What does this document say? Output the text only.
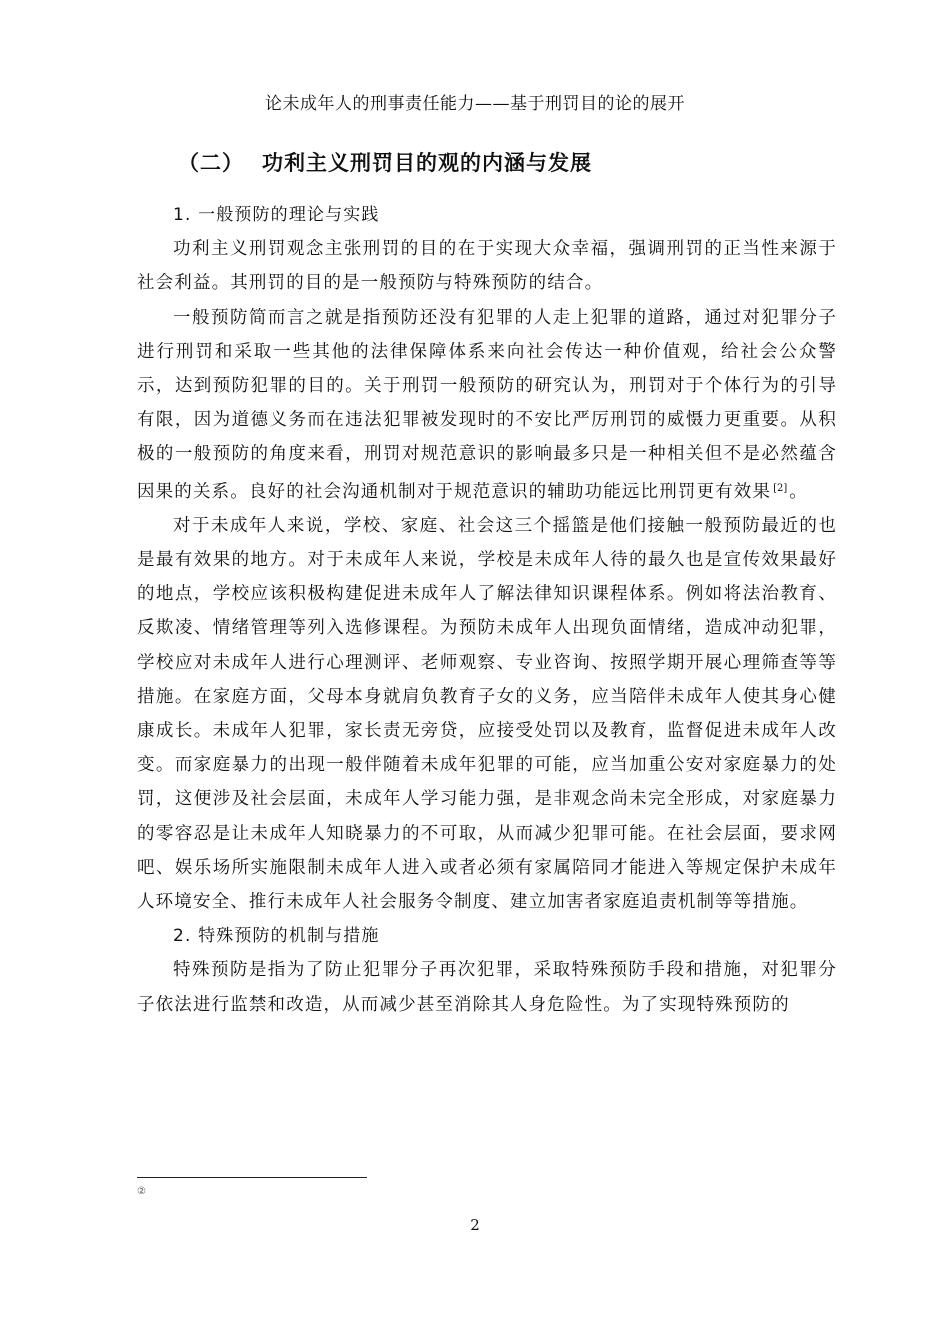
论未成年人的刑事责任能力——基于刑罚目的论的展开
（二） 功利主义刑罚目的观的内涵与发展
1. 一般预防的理论与实践

功利主义刑罚观念主张刑罚的目的在于实现大众幸福，强调刑罚的正当性来源于社会利益。其刑罚的目的是一般预防与特殊预防的结合。

一般预防简而言之就是指预防还没有犯罪的人走上犯罪的道路，通过对犯罪分子进行刑罚和采取一些其他的法律保障体系来向社会传达一种价值观，给社会公众警示，达到预防犯罪的目的。关于刑罚一般预防的研究认为，刑罚对于个体行为的引导有限，因为道德义务而在违法犯罪被发现时的不安比严厉刑罚的威慑力更重要。从积极的一般预防的角度来看，刑罚对规范意识的影响最多只是一种相关但不是必然蕴含因果的关系。良好的社会沟通机制对于规范意识的辅助功能远比刑罚更有效果 [2] 。

对于未成年人来说，学校、家庭、社会这三个摇篮是他们接触一般预防最近的也是最有效果的地方。对于未成年人来说，学校是未成年人待的最久也是宣传效果最好的地点，学校应该积极构建促进未成年人了解法律知识课程体系。例如将法治教育、反欺凌、情绪管理等列入选修课程。为预防未成年人出现负面情绪，造成冲动犯罪，学校应对未成年人进行心理测评、老师观察、专业咨询、按照学期开展心理筛查等等措施。在家庭方面，父母本身就肩负教育子女的义务，应当陪伴未成年人使其身心健康成长。未成年人犯罪，家长责无旁贷，应接受处罚以及教育，监督促进未成年人改变。而家庭暴力的出现一般伴随着未成年犯罪的可能，应当加重公安对家庭暴力的处罚，这便涉及社会层面，未成年人学习能力强，是非观念尚未完全形成，对家庭暴力的零容忍是让未成年人知晓暴力的不可取，从而减少犯罪可能。在社会层面，要求网吧、娱乐场所实施限制未成年人进入或者必须有家属陪同才能进入等规定保护未成年人环境安全、推行未成年人社会服务令制度、建立加害者家庭追责机制等等措施。

2. 特殊预防的机制与措施

特殊预防是指为了防止犯罪分子再次犯罪，采取特殊预防手段和措施，对犯罪分子依法进行监禁和改造，从而减少甚至消除其人身危险性。为了实现特殊预防的

②
2
